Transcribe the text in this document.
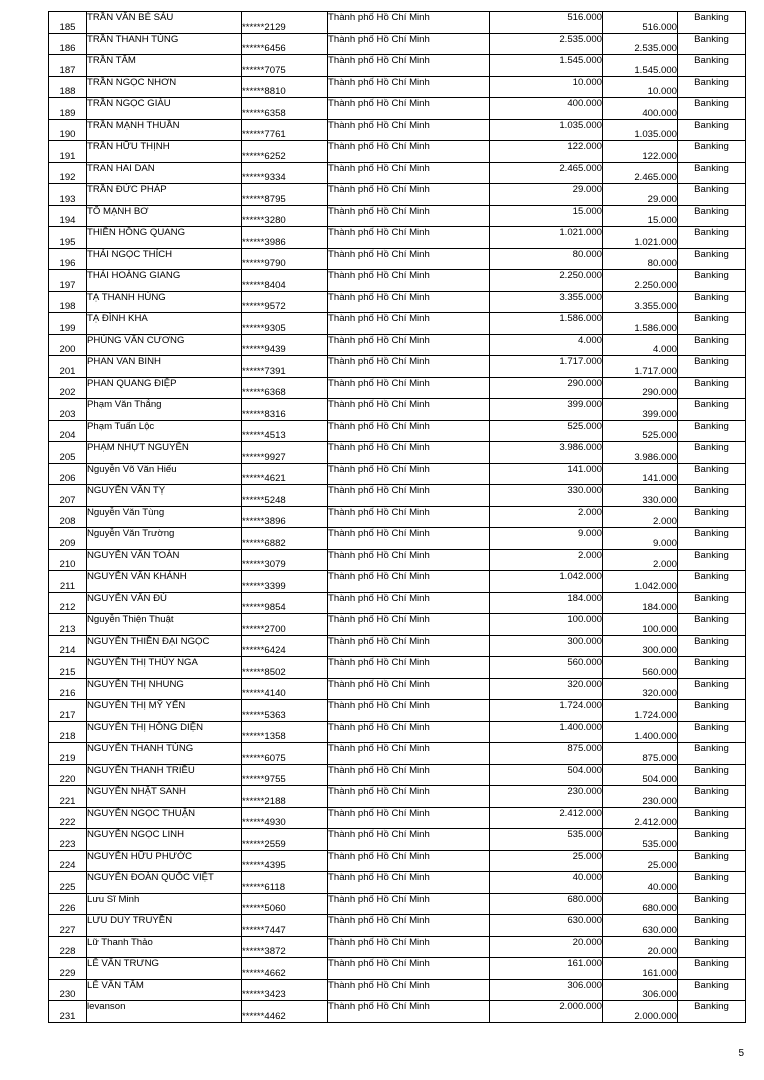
185	TRẦN VĂN BÉ SÁU	******2129	Thành phố Hồ Chí Minh	516.000	516.000	Banking
186	TRẦN THANH TÙNG	******6456	Thành phố Hồ Chí Minh	2.535.000	2.535.000	Banking
187	TRẦN TÂM	******7075	Thành phố Hồ Chí Minh	1.545.000	1.545.000	Banking
188	TRẦN NGỌC NHƠN	******8810	Thành phố Hồ Chí Minh	10.000	10.000	Banking
189	TRẦN NGỌC GIÀU	******6358	Thành phố Hồ Chí Minh	400.000	400.000	Banking
190	TRẦN MẠNH THUẦN	******7761	Thành phố Hồ Chí Minh	1.035.000	1.035.000	Banking
191	TRẦN HỮU THỊNH	******6252	Thành phố Hồ Chí Minh	122.000	122.000	Banking
192	TRAN HAI DAN	******9334	Thành phố Hồ Chí Minh	2.465.000	2.465.000	Banking
193	TRẦN ĐỨC PHÁP	******8795	Thành phố Hồ Chí Minh	29.000	29.000	Banking
194	TÔ MẠNH BƠ	******3280	Thành phố Hồ Chí Minh	15.000	15.000	Banking
195	THIỀN HỒNG QUANG	******3986	Thành phố Hồ Chí Minh	1.021.000	1.021.000	Banking
196	THÁI NGỌC THÍCH	******9790	Thành phố Hồ Chí Minh	80.000	80.000	Banking
197	THÁI HOÀNG GIANG	******8404	Thành phố Hồ Chí Minh	2.250.000	2.250.000	Banking
198	TẠ THANH HÙNG	******9572	Thành phố Hồ Chí Minh	3.355.000	3.355.000	Banking
199	TẠ ĐÌNH KHA	******9305	Thành phố Hồ Chí Minh	1.586.000	1.586.000	Banking
200	PHÙNG VĂN CƯƠNG	******9439	Thành phố Hồ Chí Minh	4.000	4.000	Banking
201	PHAN VAN BINH	******7391	Thành phố Hồ Chí Minh	1.717.000	1.717.000	Banking
202	PHAN QUANG ĐIỆP	******6368	Thành phố Hồ Chí Minh	290.000	290.000	Banking
203	Phạm Văn Thắng	******8316	Thành phố Hồ Chí Minh	399.000	399.000	Banking
204	Phạm Tuấn Lộc	******4513	Thành phố Hồ Chí Minh	525.000	525.000	Banking
205	PHẠM NHỰT NGUYÊN	******9927	Thành phố Hồ Chí Minh	3.986.000	3.986.000	Banking
206	Nguyễn Võ Văn Hiếu	******4621	Thành phố Hồ Chí Minh	141.000	141.000	Banking
207	NGUYỄN VĂN TỴ	******5248	Thành phố Hồ Chí Minh	330.000	330.000	Banking
208	Nguyễn Văn Tùng	******3896	Thành phố Hồ Chí Minh	2.000	2.000	Banking
209	Nguyễn Văn Trường	******6882	Thành phố Hồ Chí Minh	9.000	9.000	Banking
210	NGUYỄN VĂN TOÀN	******3079	Thành phố Hồ Chí Minh	2.000	2.000	Banking
211	NGUYỄN VĂN KHÁNH	******3399	Thành phố Hồ Chí Minh	1.042.000	1.042.000	Banking
212	NGUYỄN VĂN ĐÚ	******9854	Thành phố Hồ Chí Minh	184.000	184.000	Banking
213	Nguyễn Thiện Thuật	******2700	Thành phố Hồ Chí Minh	100.000	100.000	Banking
214	NGUYỄN THIỀN ĐẠI NGỌC	******6424	Thành phố Hồ Chí Minh	300.000	300.000	Banking
215	NGUYỄN THỊ THÚY NGA	******8502	Thành phố Hồ Chí Minh	560.000	560.000	Banking
216	NGUYỄN THỊ NHUNG	******4140	Thành phố Hồ Chí Minh	320.000	320.000	Banking
217	NGUYỄN THỊ MỸ YẾN	******5363	Thành phố Hồ Chí Minh	1.724.000	1.724.000	Banking
218	NGUYỄN THỊ HỒNG DIỆN	******1358	Thành phố Hồ Chí Minh	1.400.000	1.400.000	Banking
219	NGUYỄN THANH TÙNG	******6075	Thành phố Hồ Chí Minh	875.000	875.000	Banking
220	NGUYỄN THANH TRIỀU	******9755	Thành phố Hồ Chí Minh	504.000	504.000	Banking
221	NGUYỄN NHẬT SANH	******2188	Thành phố Hồ Chí Minh	230.000	230.000	Banking
222	NGUYỄN NGỌC THUẬN	******4930	Thành phố Hồ Chí Minh	2.412.000	2.412.000	Banking
223	NGUYỄN NGỌC LINH	******2559	Thành phố Hồ Chí Minh	535.000	535.000	Banking
224	NGUYỄN HỮU PHƯỚC	******4395	Thành phố Hồ Chí Minh	25.000	25.000	Banking
225	NGUYỄN ĐOÀN QUỐC VIỆT	******6118	Thành phố Hồ Chí Minh	40.000	40.000	Banking
226	Lưu Sĩ Minh	******5060	Thành phố Hồ Chí Minh	680.000	680.000	Banking
227	LƯU DUY TRUYỀN	******7447	Thành phố Hồ Chí Minh	630.000	630.000	Banking
228	Lữ Thanh Thảo	******3872	Thành phố Hồ Chí Minh	20.000	20.000	Banking
229	LÊ VĂN TRƯNG	******4662	Thành phố Hồ Chí Minh	161.000	161.000	Banking
230	LÊ VĂN TÂM	******3423	Thành phố Hồ Chí Minh	306.000	306.000	Banking
231	levanson	******4462	Thành phố Hồ Chí Minh	2.000.000	2.000.000	Banking
5
